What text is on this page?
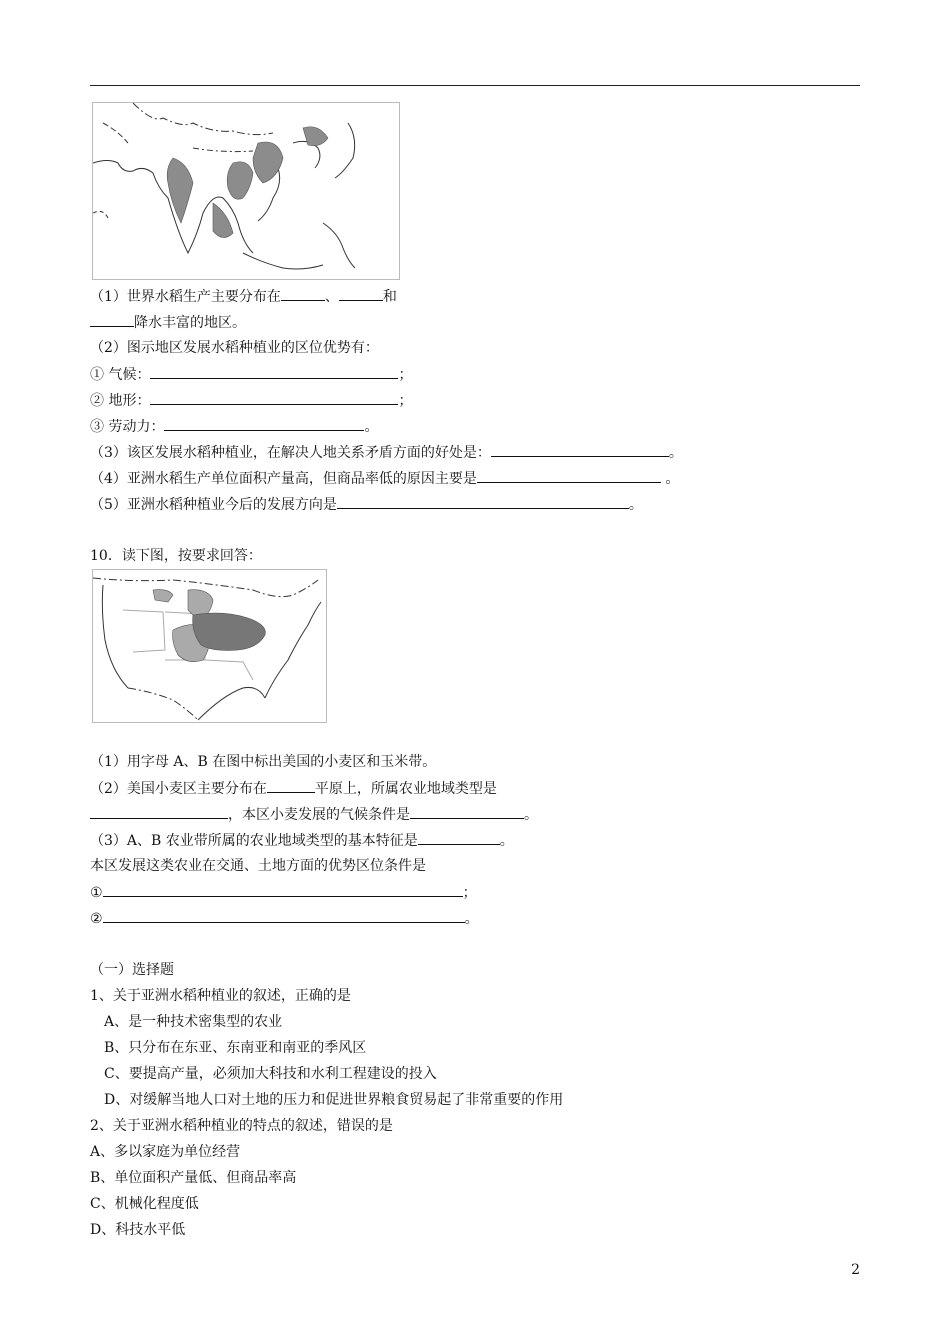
（1）世界水稻生产主要分布在	、	和
降水丰富的地区。
（2）图示地区发展水稻种植业的区位优势有：
① 气候：	；
② 地形：	；
③ 劳动力：	。
（3）该区发展水稻种植业，在解决人地关系矛盾方面的好处是：	。
（4）亚洲水稻生产单位面积产量高，但商品率低的原因主要是	。
（5）亚洲水稻种植业今后的发展方向是	。
10．读下图，按要求回答：
（1）用字母 A、B 在图中标出美国的小麦区和玉米带。
（2）美国小麦区主要分布在	平原上，所属农业地域类型是
，本区小麦发展的气候条件是	。
（3）A、B 农业带所属的农业地域类型的基本特征是	。
本区发展这类农业在交通、土地方面的优势区位条件是
①	；
②	。
（一）选择题
1、关于亚洲水稻种植业的叙述，正确的是
A、是一种技术密集型的农业
B、只分布在东亚、东南亚和南亚的季风区
C、要提高产量，必须加大科技和水利工程建设的投入
D、对缓解当地人口对土地的压力和促进世界粮食贸易起了非常重要的作用
2、关于亚洲水稻种植业的特点的叙述，错误的是
A、多以家庭为单位经营
B、单位面积产量低、但商品率高
C、机械化程度低
D、科技水平低
2
